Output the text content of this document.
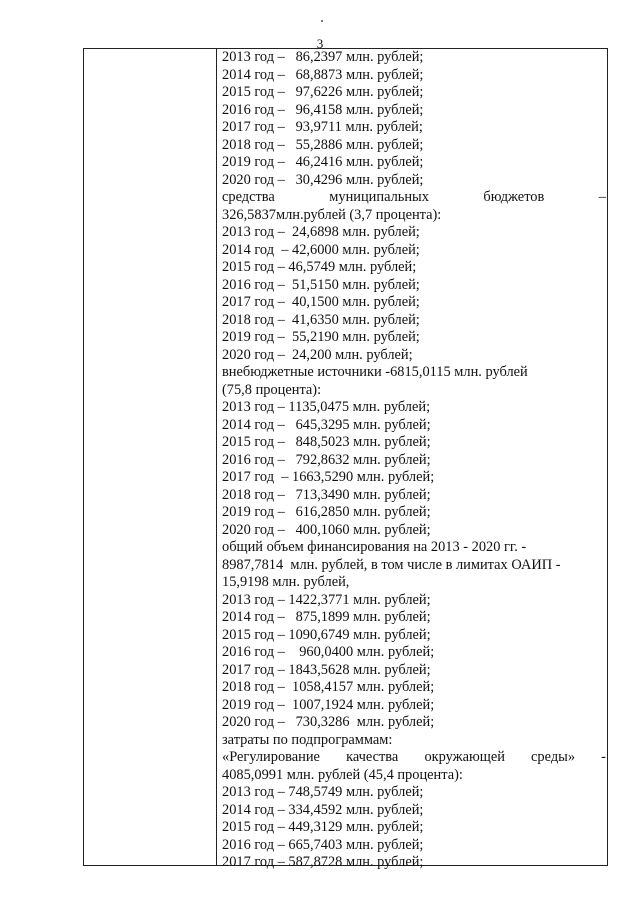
3
2013 год –   86,2397 млн. рублей;
2014 год –   68,8873 млн. рублей;
2015 год –   97,6226 млн. рублей;
2016 год –   96,4158 млн. рублей;
2017 год –   93,9711 млн. рублей;
2018 год –   55,2886 млн. рублей;
2019 год –   46,2416 млн. рублей;
2020 год –   30,4296 млн. рублей;
средства	муниципальных	бюджетов	–
326,5837млн.рублей (3,7 процента):
2013 год –  24,6898 млн. рублей;
2014 год  – 42,6000 млн. рублей;
2015 год – 46,5749 млн. рублей;
2016 год –  51,5150 млн. рублей;
2017 год –  40,1500 млн. рублей;
2018 год –  41,6350 млн. рублей;
2019 год –  55,2190 млн. рублей;
2020 год –  24,200 млн. рублей;
внебюджетные источники -6815,0115 млн. рублей
(75,8 процента):
2013 год – 1135,0475 млн. рублей;
2014 год –   645,3295 млн. рублей;
2015 год –   848,5023 млн. рублей;
2016 год –   792,8632 млн. рублей;
2017 год  – 1663,5290 млн. рублей;
2018 год –   713,3490 млн. рублей;
2019 год –   616,2850 млн. рублей;
2020 год –   400,1060 млн. рублей;
общий объем финансирования на 2013 - 2020 гг. -
8987,7814  млн. рублей, в том числе в лимитах ОАИП -
15,9198 млн. рублей,
2013 год – 1422,3771 млн. рублей;
2014 год –   875,1899 млн. рублей;
2015 год – 1090,6749 млн. рублей;
2016 год –    960,0400 млн. рублей;
2017 год – 1843,5628 млн. рублей;
2018 год –  1058,4157 млн. рублей;
2019 год –  1007,1924 млн. рублей;
2020 год –   730,3286  млн. рублей;
затраты по подпрограммам:
«Регулирование качества окружающей среды» -
4085,0991 млн. рублей (45,4 процента):
2013 год – 748,5749 млн. рублей;
2014 год – 334,4592 млн. рублей;
2015 год – 449,3129 млн. рублей;
2016 год – 665,7403 млн. рублей;
2017 год – 587,8728 млн. рублей;
